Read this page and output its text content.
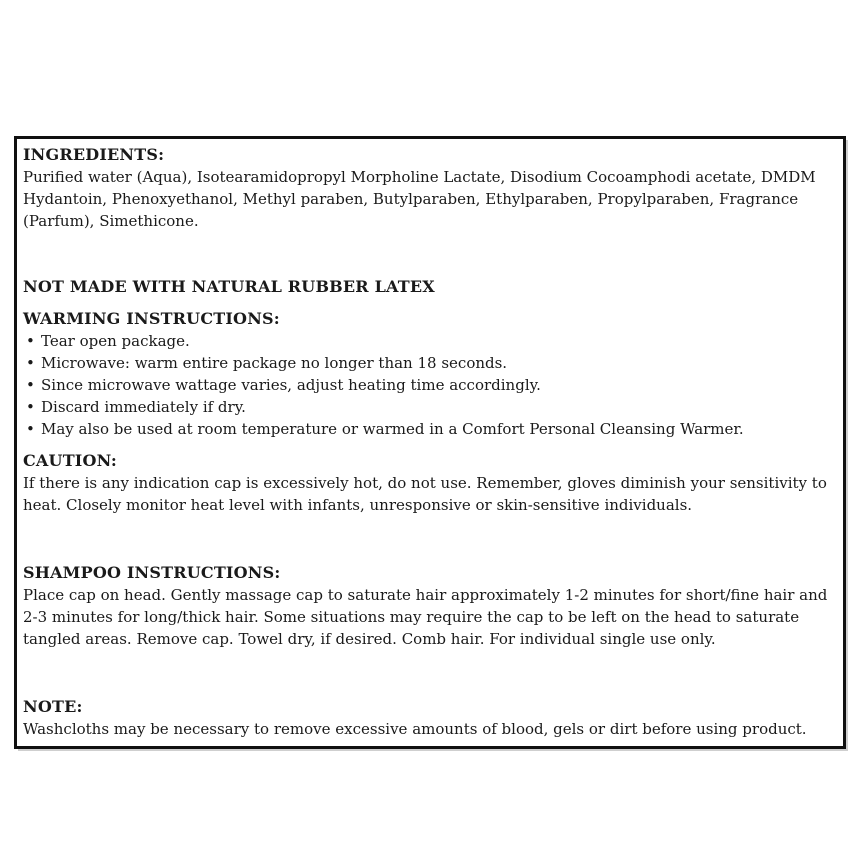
INGREDIENTS:
Purified water (Aqua), Isotearamidopropyl Morpholine Lactate, Disodium Cocoamphodi acetate, DMDM Hydantoin, Phenoxyethanol, Methyl paraben, Butylparaben, Ethylparaben, Propylparaben, Fragrance (Parfum), Simethicone.
NOT MADE WITH NATURAL RUBBER LATEX
WARMING INSTRUCTIONS:
• Tear open package.
• Microwave: warm entire package no longer than 18 seconds.
• Since microwave wattage varies, adjust heating time accordingly.
• Discard immediately if dry.
• May also be used at room temperature or warmed in a Comfort Personal Cleansing Warmer.
CAUTION:
If there is any indication cap is excessively hot, do not use. Remember, gloves diminish your sensitivity to heat. Closely monitor heat level with infants, unresponsive or skin-sensitive individuals.
SHAMPOO INSTRUCTIONS:
Place cap on head. Gently massage cap to saturate hair approximately 1-2 minutes for short/fine hair and 2-3 minutes for long/thick hair. Some situations may require the cap to be left on the head to saturate tangled areas. Remove cap. Towel dry, if desired. Comb hair. For individual single use only.
NOTE:
Washcloths may be necessary to remove excessive amounts of blood, gels or dirt before using product.
